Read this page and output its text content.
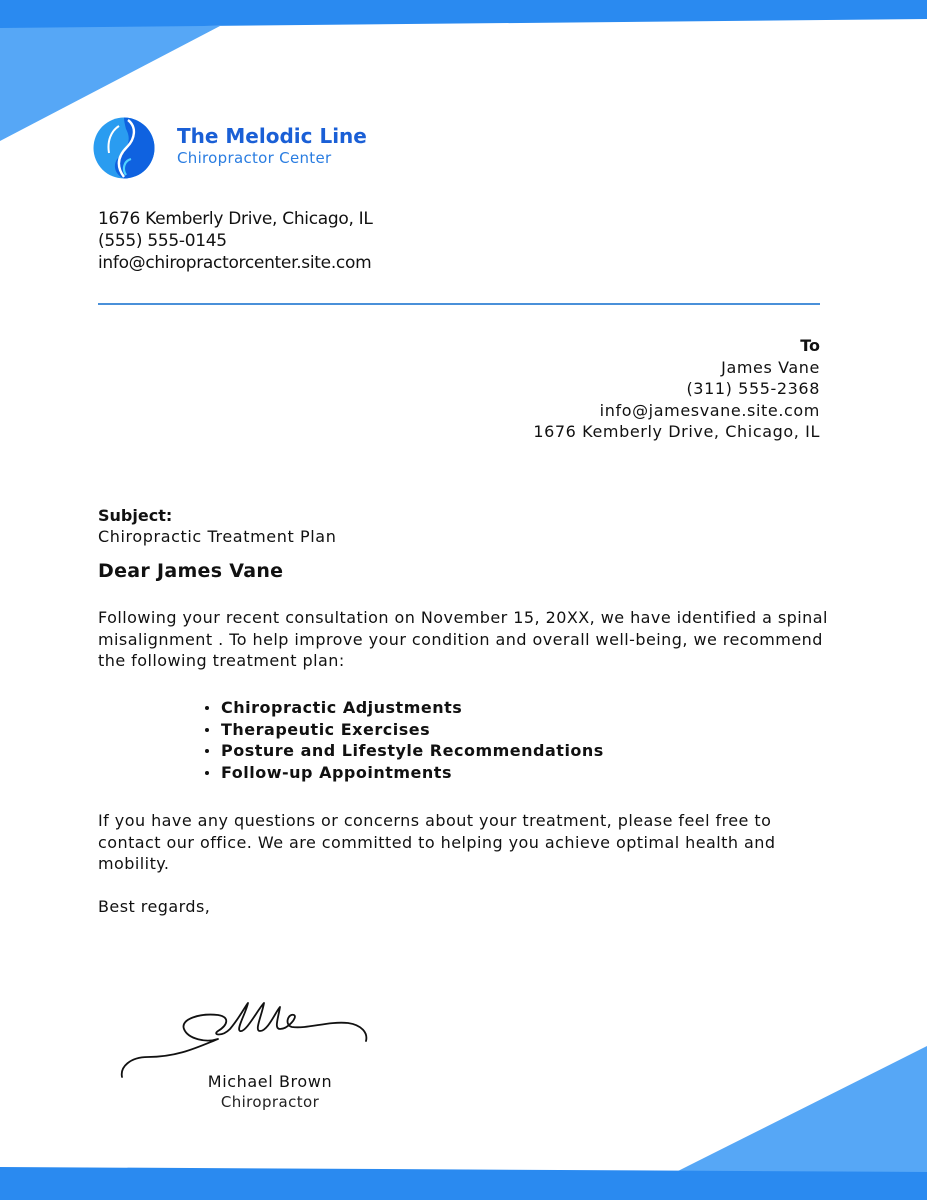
The Melodic Line
Chiropractor Center
1676 Kemberly Drive, Chicago, IL
(555) 555-0145
info@chiropractorcenter.site.com
To
James Vane
(311) 555-2368
info@jamesvane.site.com
1676 Kemberly Drive, Chicago, IL
Subject:
Chiropractic Treatment Plan
Dear James Vane
Following your recent consultation on November 15, 20XX, we have identified a spinal misalignment . To help improve your condition and overall well-being, we recommend the following treatment plan:
Chiropractic Adjustments
Therapeutic Exercises
Posture and Lifestyle Recommendations
Follow-up Appointments
If you have any questions or concerns about your treatment, please feel free to contact our office. We are committed to helping you achieve optimal health and mobility.
Best regards,
Michael Brown
Chiropractor
